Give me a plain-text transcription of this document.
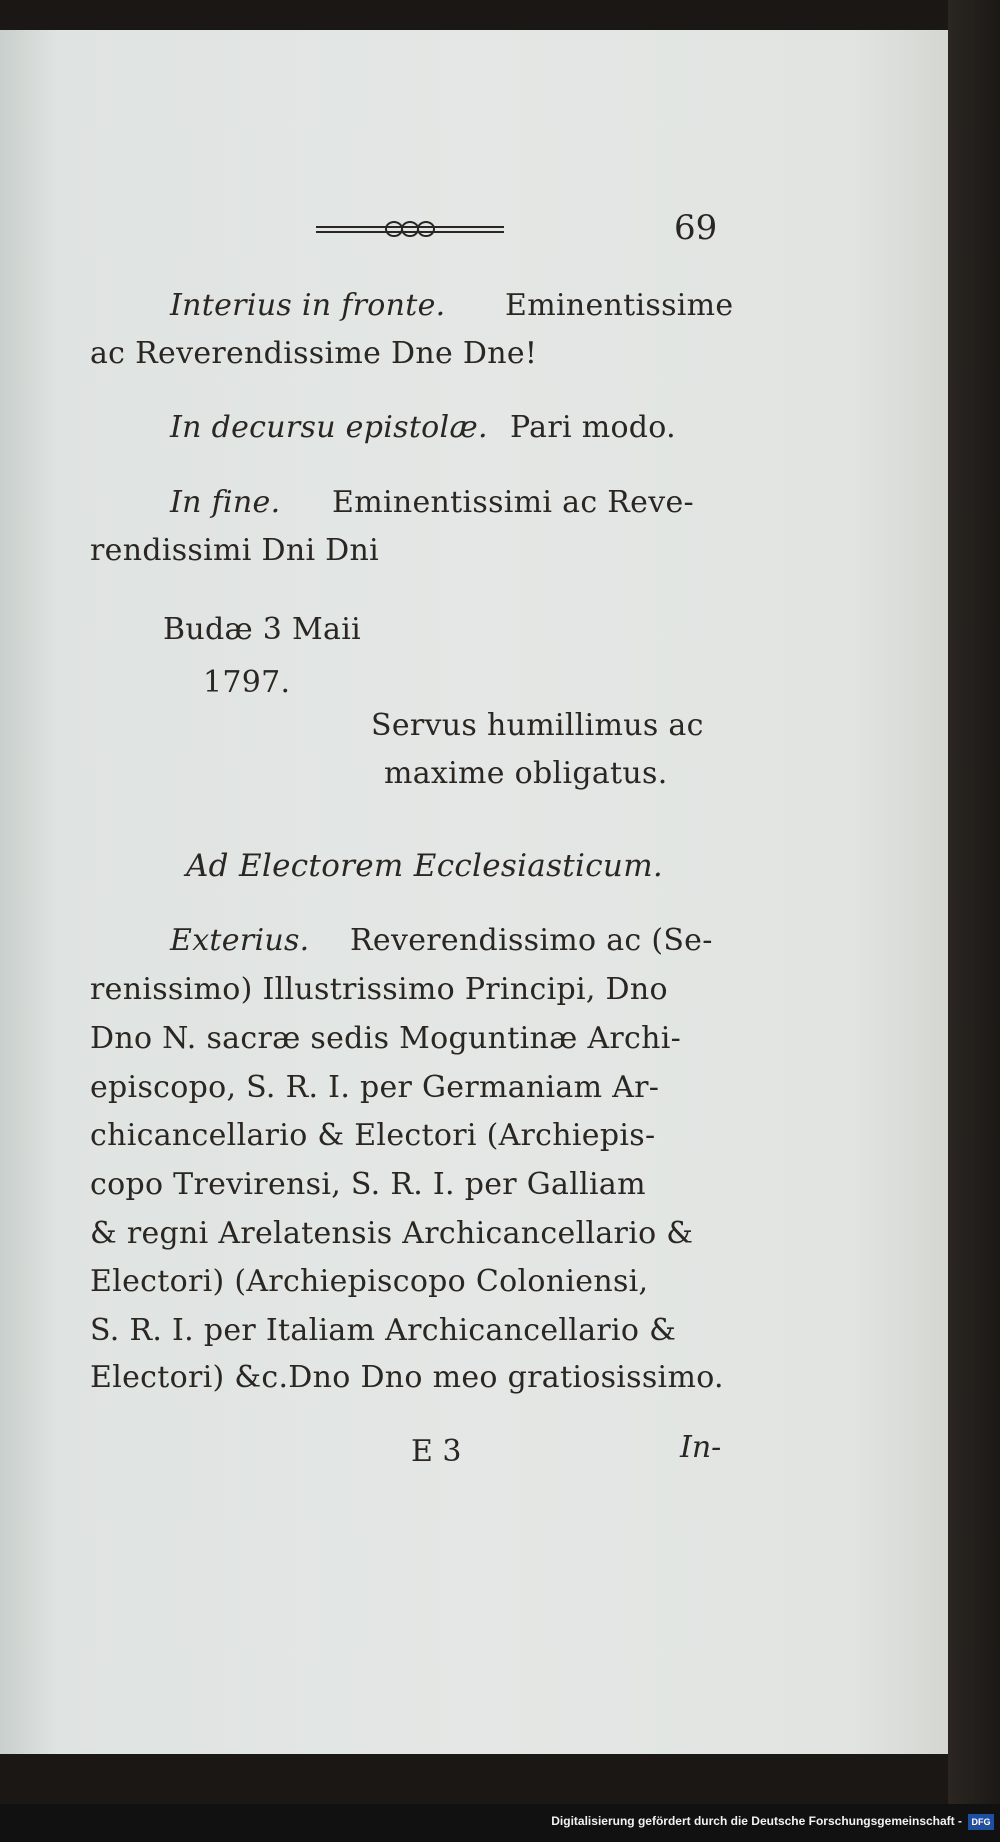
69
Interius in fronte. Eminentissime
ac Reverendissime Dne Dne!
In decursu epistolæ. Pari modo.
In fine. Eminentissimi ac Reve-
rendissimi Dni Dni
Budæ 3 Maii
1797.
Servus humillimus ac
maxime obligatus.
Ad Electorem Ecclesiasticum.
Exterius. Reverendissimo ac (Se-
renissimo) Illustrissimo Principi, Dno
Dno N. sacræ sedis Moguntinæ Archi-
episcopo, S. R. I. per Germaniam Ar-
chicancellario & Electori (Archiepis-
copo Trevirensi, S. R. I. per Galliam
& regni Arelatensis Archicancellario &
Electori) (Archiepiscopo Coloniensi,
S. R. I. per Italiam Archicancellario &
Electori) &c.Dno Dno meo gratiosissimo.
E 3	In-
Digitalisierung gefördert durch die Deutsche Forschungsgemeinschaft -	DFG
